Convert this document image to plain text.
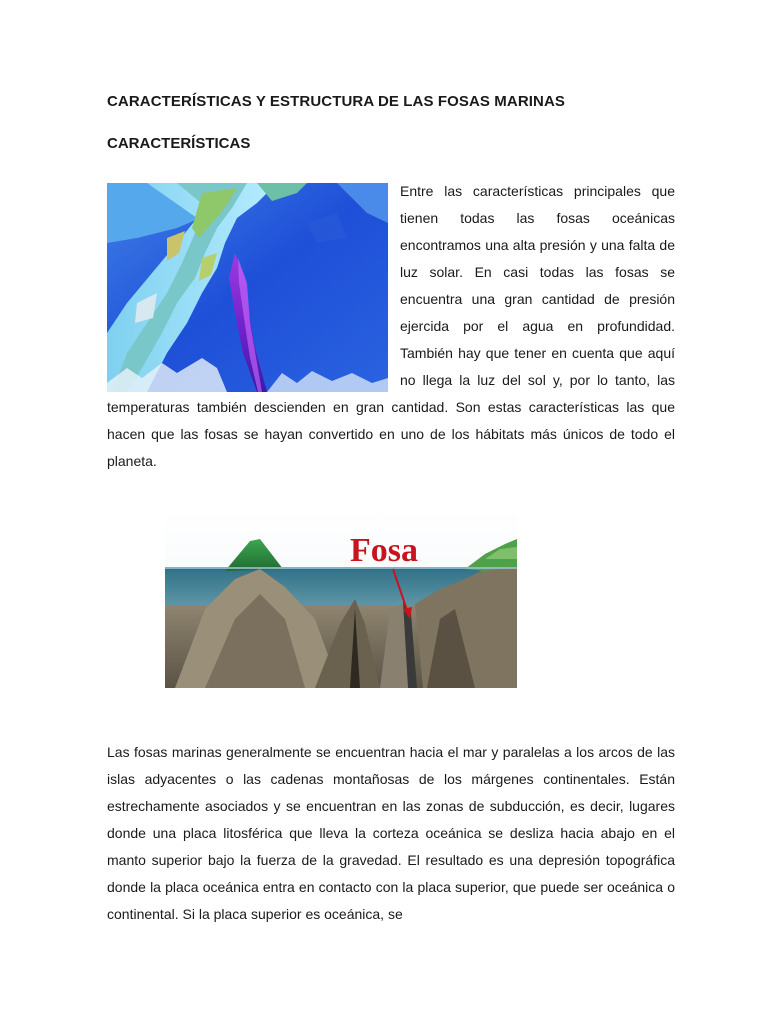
CARACTERÍSTICAS Y ESTRUCTURA DE LAS FOSAS MARINAS
CARACTERÍSTICAS

Entre las características principales que tienen todas las fosas oceánicas encontramos una alta presión y una falta de luz solar. En casi todas las fosas se encuentra una gran cantidad de presión ejercida por el agua en profundidad. También hay que tener en cuenta que aquí no llega la luz del sol y, por lo tanto, las temperaturas también descienden en gran cantidad. Son estas características las que hacen que las fosas se hayan convertido en uno de los hábitats más únicos de todo el planeta.

Fosa

Las fosas marinas generalmente se encuentran hacia el mar y paralelas a los arcos de las islas adyacentes o las cadenas montañosas de los márgenes continentales. Están estrechamente asociados y se encuentran en las zonas de subducción, es decir, lugares donde una placa litosférica que lleva la corteza oceánica se desliza hacia abajo en el manto superior bajo la fuerza de la gravedad. El resultado es una depresión topográfica donde la placa oceánica entra en contacto con la placa superior, que puede ser oceánica o continental. Si la placa superior es oceánica, se
